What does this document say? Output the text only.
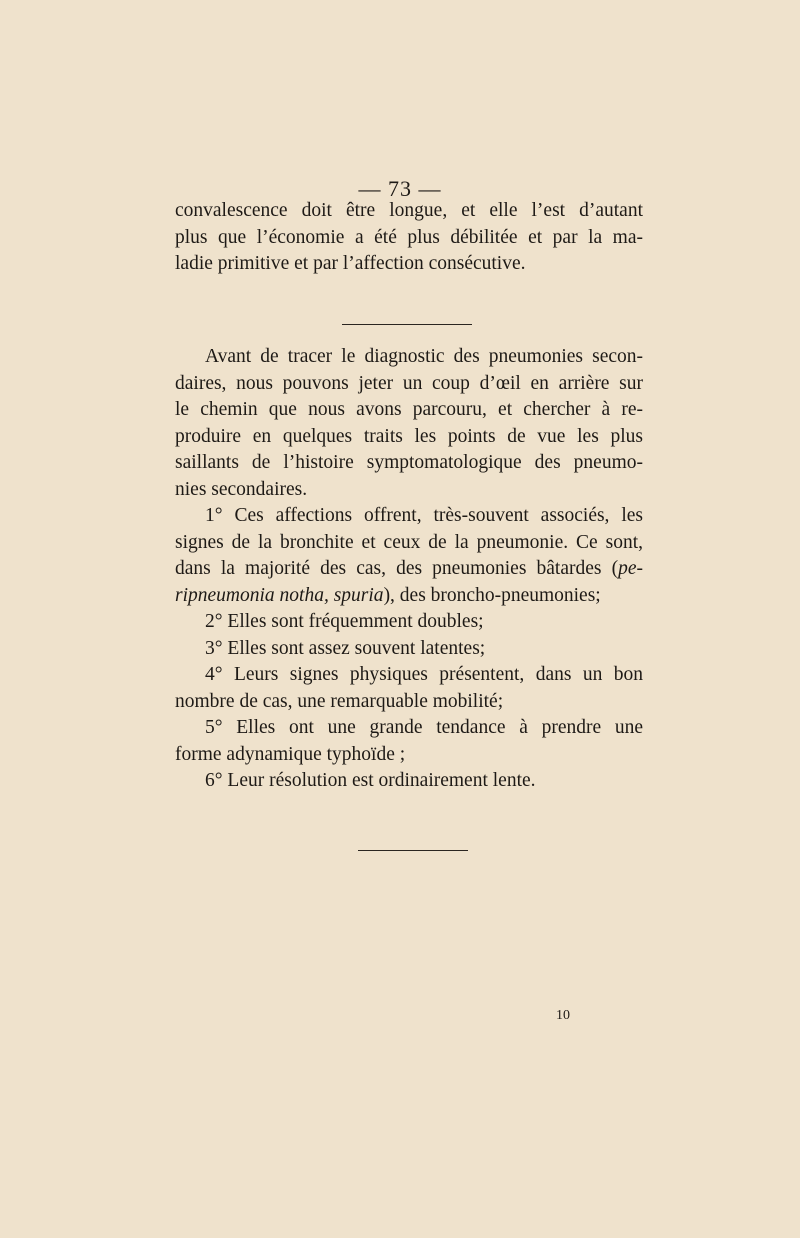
— 73 —
convalescence doit être longue, et elle l’est d’autant
plus que l’économie a été plus débilitée et par la ma-
ladie primitive et par l’affection consécutive.
Avant de tracer le diagnostic des pneumonies secon-
daires, nous pouvons jeter un coup d’œil en arrière sur
le chemin que nous avons parcouru, et chercher à re-
produire en quelques traits les points de vue les plus
saillants de l’histoire symptomatologique des pneumo-
nies secondaires.
1° Ces affections offrent, très-souvent associés, les
signes de la bronchite et ceux de la pneumonie. Ce sont,
dans la majorité des cas, des pneumonies bâtardes (pe-
ripneumonia notha, spuria), des broncho-pneumonies;
2° Elles sont fréquemment doubles;
3° Elles sont assez souvent latentes;
4° Leurs signes physiques présentent, dans un bon
nombre de cas, une remarquable mobilité;
5° Elles ont une grande tendance à prendre une
forme adynamique typhoïde ;
6° Leur résolution est ordinairement lente.
10
